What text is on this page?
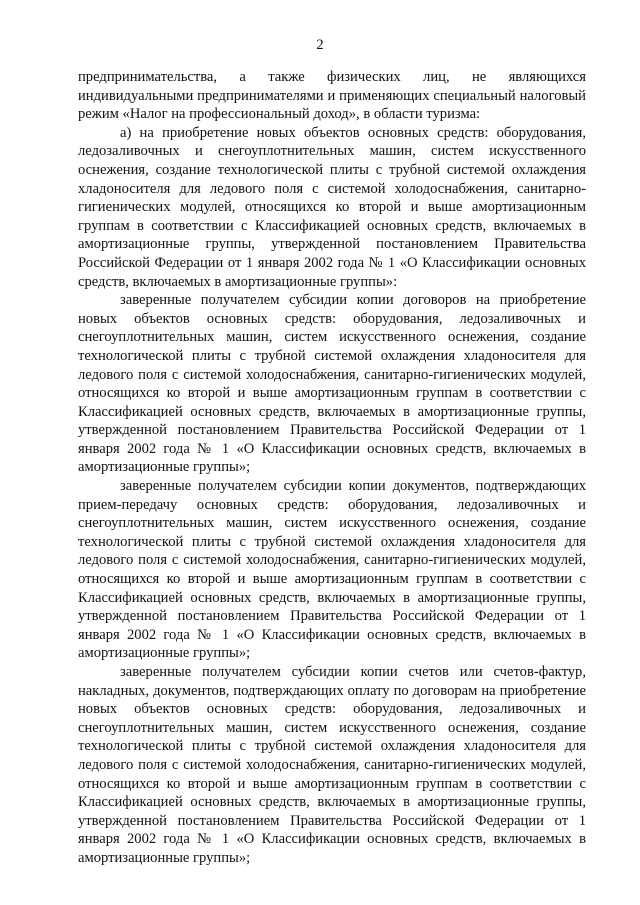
2

предпринимательства, а также физических лиц, не являющихся индивидуальными предпринимателями и применяющих специальный налоговый режим «Налог на профессиональный доход», в области туризма:

а) на приобретение новых объектов основных средств: оборудования, ледозаливочных и снегоуплотнительных машин, систем искусственного оснежения, создание технологической плиты с трубной системой охлаждения хладоносителя для ледового поля с системой холодоснабжения, санитарно-гигиенических модулей, относящихся ко второй и выше амортизационным группам в соответствии с Классификацией основных средств, включаемых в амортизационные группы, утвержденной постановлением Правительства Российской Федерации от 1 января 2002 года № 1 «О Классификации основных средств, включаемых в амортизационные группы»:

заверенные получателем субсидии копии договоров на приобретение новых объектов основных средств: оборудования, ледозаливочных и снегоуплотнительных машин, систем искусственного оснежения, создание технологической плиты с трубной системой охлаждения хладоносителя для ледового поля с системой холодоснабжения, санитарно-гигиенических модулей, относящихся ко второй и выше амортизационным группам в соответствии с Классификацией основных средств, включаемых в амортизационные группы, утвержденной постановлением Правительства Российской Федерации от 1 января 2002 года № 1 «О Классификации основных средств, включаемых в амортизационные группы»;

заверенные получателем субсидии копии документов, подтверждающих прием-передачу основных средств: оборудования, ледозаливочных и снегоуплотнительных машин, систем искусственного оснежения, создание технологической плиты с трубной системой охлаждения хладоносителя для ледового поля с системой холодоснабжения, санитарно-гигиенических модулей, относящихся ко второй и выше амортизационным группам в соответствии с Классификацией основных средств, включаемых в амортизационные группы, утвержденной постановлением Правительства Российской Федерации от 1 января 2002 года № 1 «О Классификации основных средств, включаемых в амортизационные группы»;

заверенные получателем субсидии копии счетов или счетов-фактур, накладных, документов, подтверждающих оплату по договорам на приобретение новых объектов основных средств: оборудования, ледозаливочных и снегоуплотнительных машин, систем искусственного оснежения, создание технологической плиты с трубной системой охлаждения хладоносителя для ледового поля с системой холодоснабжения, санитарно-гигиенических модулей, относящихся ко второй и выше амортизационным группам в соответствии с Классификацией основных средств, включаемых в амортизационные группы, утвержденной постановлением Правительства Российской Федерации от 1 января 2002 года № 1 «О Классификации основных средств, включаемых в амортизационные группы»;
